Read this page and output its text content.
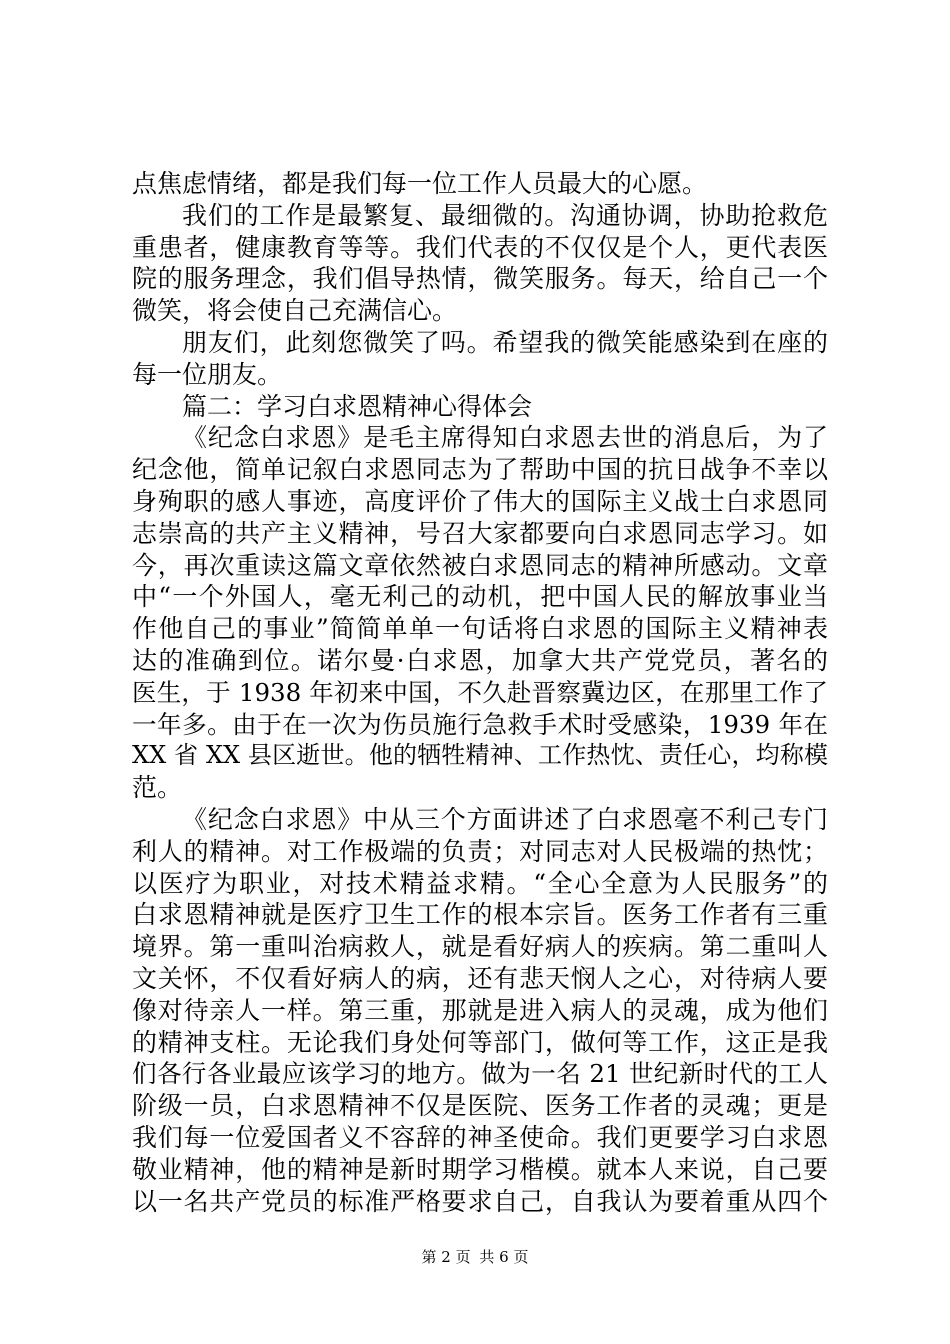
点焦虑情绪，都是我们每一位工作人员最大的心愿。
我们的工作是最繁复、最细微的。沟通协调，协助抢救危
重患者，健康教育等等。我们代表的不仅仅是个人，更代表医
院的服务理念，我们倡导热情，微笑服务。每天，给自己一个
微笑，将会使自己充满信心。
朋友们，此刻您微笑了吗。希望我的微笑能感染到在座的
每一位朋友。
篇二：学习白求恩精神心得体会
《纪念白求恩》是毛主席得知白求恩去世的消息后，为了
纪念他，简单记叙白求恩同志为了帮助中国的抗日战争不幸以
身殉职的感人事迹，高度评价了伟大的国际主义战士白求恩同
志崇高的共产主义精神，号召大家都要向白求恩同志学习。如
今，再次重读这篇文章依然被白求恩同志的精神所感动。文章
中“一个外国人，毫无利己的动机，把中国人民的解放事业当
作他自己的事业”简简单单一句话将白求恩的国际主义精神表
达的准确到位。诺尔曼·白求恩，加拿大共产党党员，著名的
医生，于 1938 年初来中国，不久赴晋察冀边区，在那里工作了
一年多。由于在一次为伤员施行急救手术时受感染，1939 年在
XX 省 XX 县区逝世。他的牺牲精神、工作热忱、责任心，均称模
范。
《纪念白求恩》中从三个方面讲述了白求恩毫不利己专门
利人的精神。对工作极端的负责；对同志对人民极端的热忱；
以医疗为职业，对技术精益求精。“全心全意为人民服务”的
白求恩精神就是医疗卫生工作的根本宗旨。医务工作者有三重
境界。第一重叫治病救人，就是看好病人的疾病。第二重叫人
文关怀，不仅看好病人的病，还有悲天悯人之心，对待病人要
像对待亲人一样。第三重，那就是进入病人的灵魂，成为他们
的精神支柱。无论我们身处何等部门，做何等工作，这正是我
们各行各业最应该学习的地方。做为一名 21 世纪新时代的工人
阶级一员，白求恩精神不仅是医院、医务工作者的灵魂；更是
我们每一位爱国者义不容辞的神圣使命。我们更要学习白求恩
敬业精神，他的精神是新时期学习楷模。就本人来说，自己要
以一名共产党员的标准严格要求自己，自我认为要着重从四个
第 2 页 共 6 页
